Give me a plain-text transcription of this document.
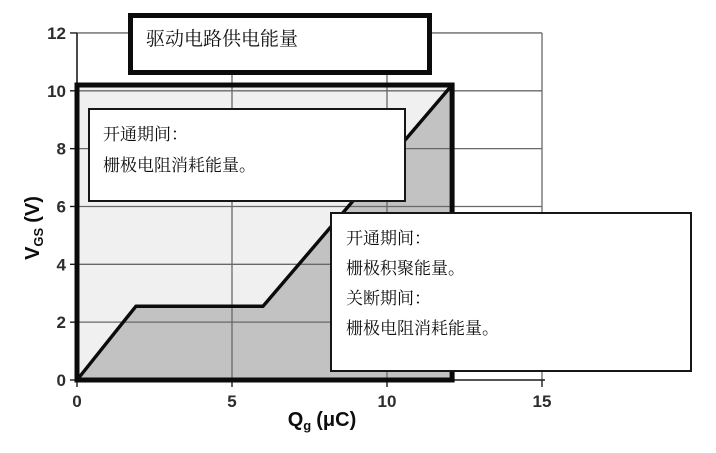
0
2
4
6
8
10
12
0	5	10	15
$V_{GS}(V)$
$Q_g$ (μC)
开通期间：
栅极电阻消耗能量。
驱动电路供电能量
开通期间：
栅极积聚能量。
关断期间：
栅极电阻消耗能量。
